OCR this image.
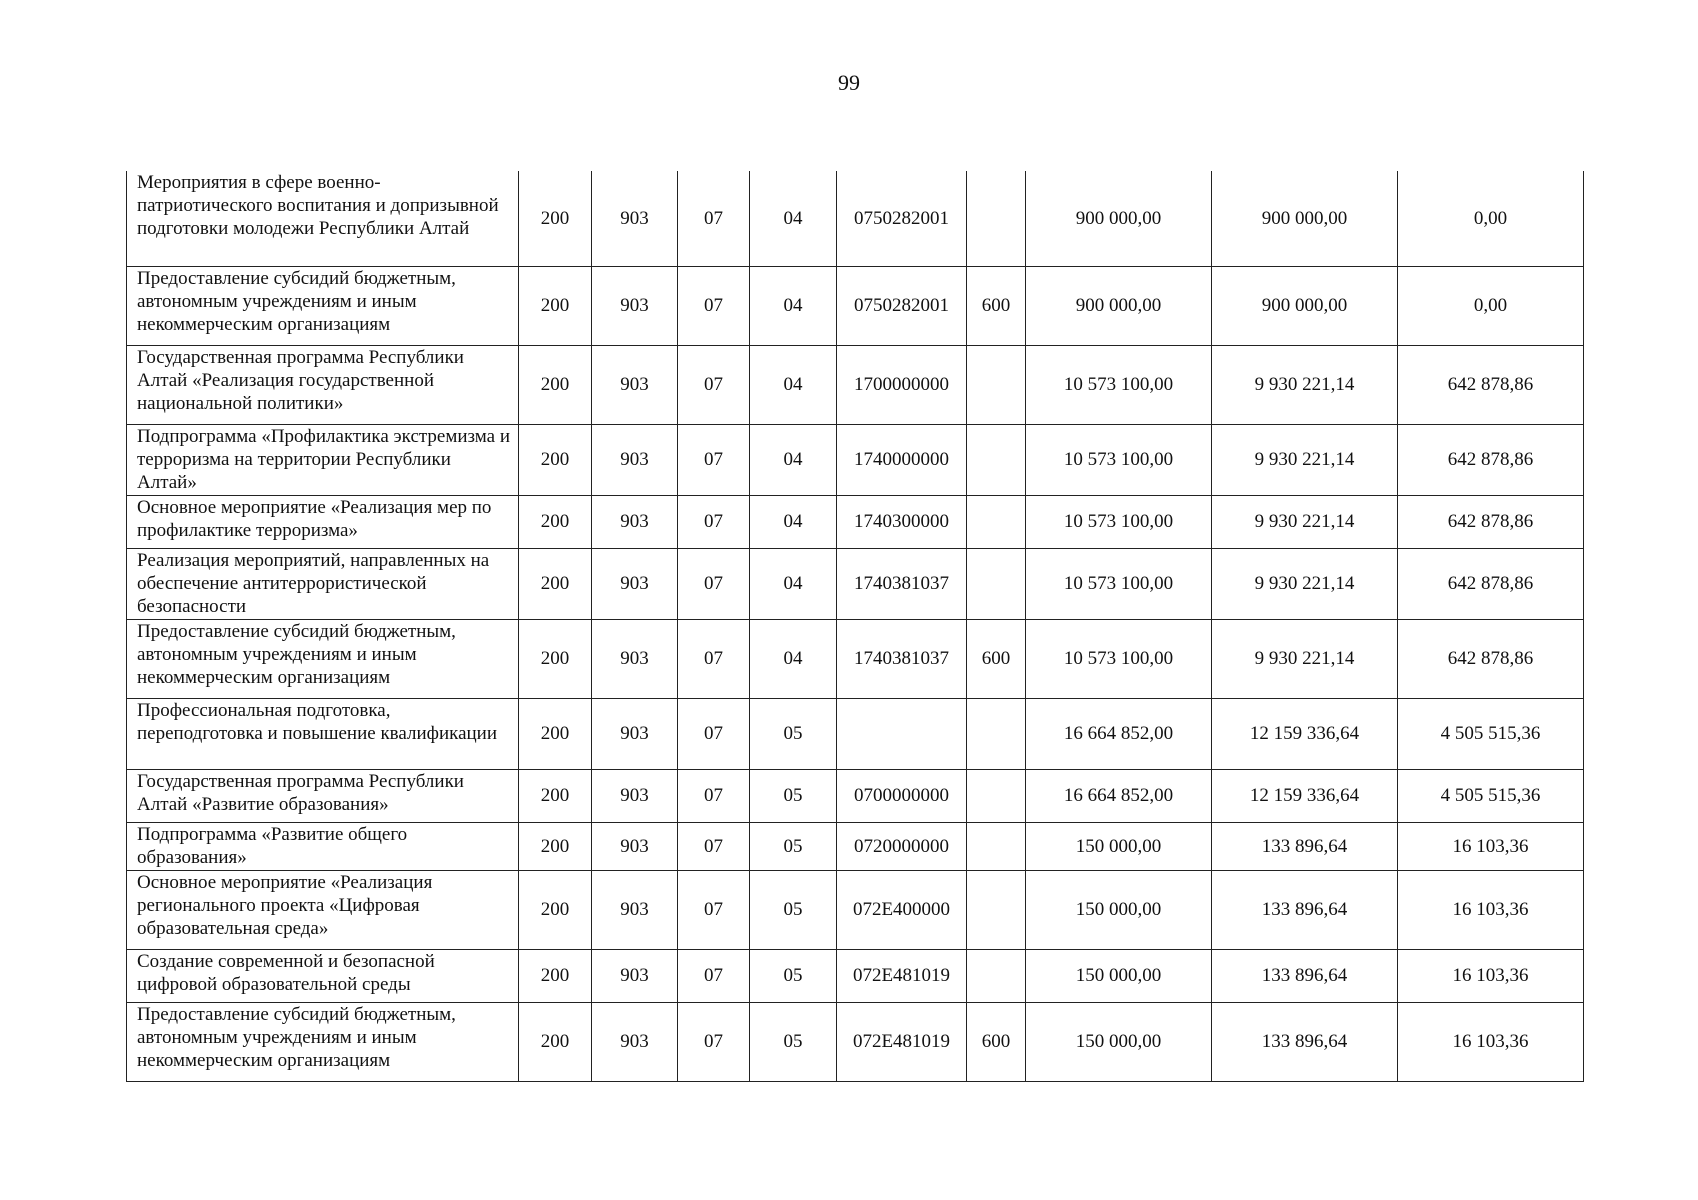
99
Мероприятия в сфере военно-патриотического воспитания и допризывной подготовки молодежи Республики Алтай	200	903	07	04	0750282001		900 000,00	900 000,00	0,00
Предоставление субсидий бюджетным, автономным учреждениям и иным некоммерческим организациям	200	903	07	04	0750282001	600	900 000,00	900 000,00	0,00
Государственная программа Республики Алтай «Реализация государственной национальной политики»	200	903	07	04	1700000000		10 573 100,00	9 930 221,14	642 878,86
Подпрограмма «Профилактика экстремизма и терроризма на территории Республики Алтай»	200	903	07	04	1740000000		10 573 100,00	9 930 221,14	642 878,86
Основное мероприятие «Реализация мер по профилактике терроризма»	200	903	07	04	1740300000		10 573 100,00	9 930 221,14	642 878,86
Реализация мероприятий, направленных на обеспечение антитеррористической безопасности	200	903	07	04	1740381037		10 573 100,00	9 930 221,14	642 878,86
Предоставление субсидий бюджетным, автономным учреждениям и иным некоммерческим организациям	200	903	07	04	1740381037	600	10 573 100,00	9 930 221,14	642 878,86
Профессиональная подготовка, переподготовка и повышение квалификации	200	903	07	05			16 664 852,00	12 159 336,64	4 505 515,36
Государственная программа Республики Алтай «Развитие образования»	200	903	07	05	0700000000		16 664 852,00	12 159 336,64	4 505 515,36
Подпрограмма «Развитие общего образования»	200	903	07	05	0720000000		150 000,00	133 896,64	16 103,36
Основное мероприятие «Реализация регионального проекта «Цифровая образовательная среда»	200	903	07	05	072E400000		150 000,00	133 896,64	16 103,36
Создание современной и безопасной цифровой образовательной среды	200	903	07	05	072E481019		150 000,00	133 896,64	16 103,36
Предоставление субсидий бюджетным, автономным учреждениям и иным некоммерческим организациям	200	903	07	05	072E481019	600	150 000,00	133 896,64	16 103,36
